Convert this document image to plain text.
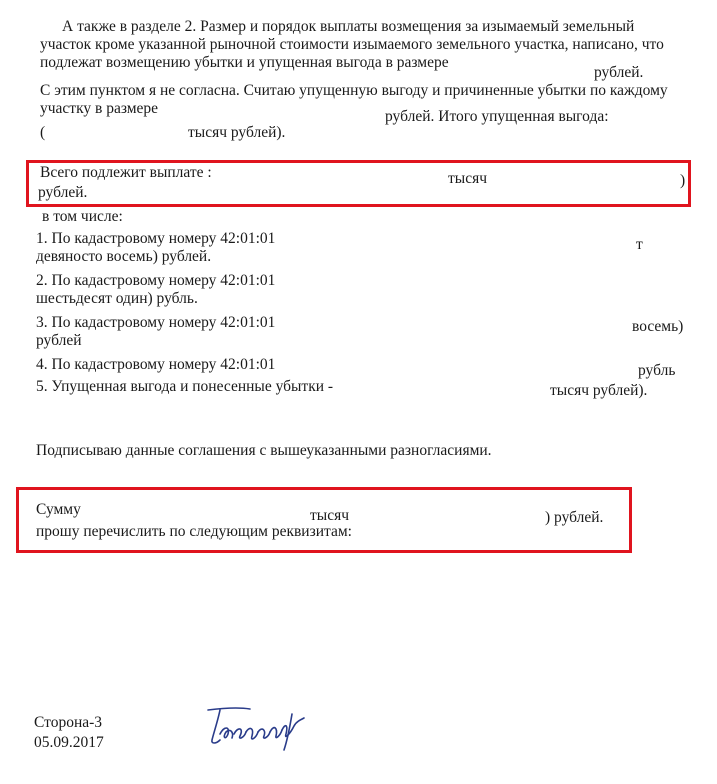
А также в разделе 2. Размер и порядок выплаты возмещения за изымаемый земельный
участок кроме указанной рыночной стоимости изымаемого земельного участка, написано, что
подлежат возмещению убытки и упущенная выгода в размере
рублей.
С этим пунктом я не согласна. Считаю упущенную выгоду и причиненные убытки по каждому
участку в размере	рублей. Итого упущенная выгода:
(	тысяч рублей).
Всего подлежит выплате :	тысяч	)
рублей.
в том числе:
1. По кадастровому номеру 42:01:01	т
девяносто восемь) рублей.
2. По кадастровому номеру 42:01:01
шестьдесят один) рубль.
3. По кадастровому номеру 42:01:01	восемь)
рублей
4. По кадастровому номеру 42:01:01	рубль
5. Упущенная выгода и понесенные убытки -	тысяч рублей).
Подписываю данные соглашения с вышеуказанными разногласиями.
Сумму	тысяч	) рублей.
прошу перечислить по следующим реквизитам:
Сторона-3
05.09.2017
